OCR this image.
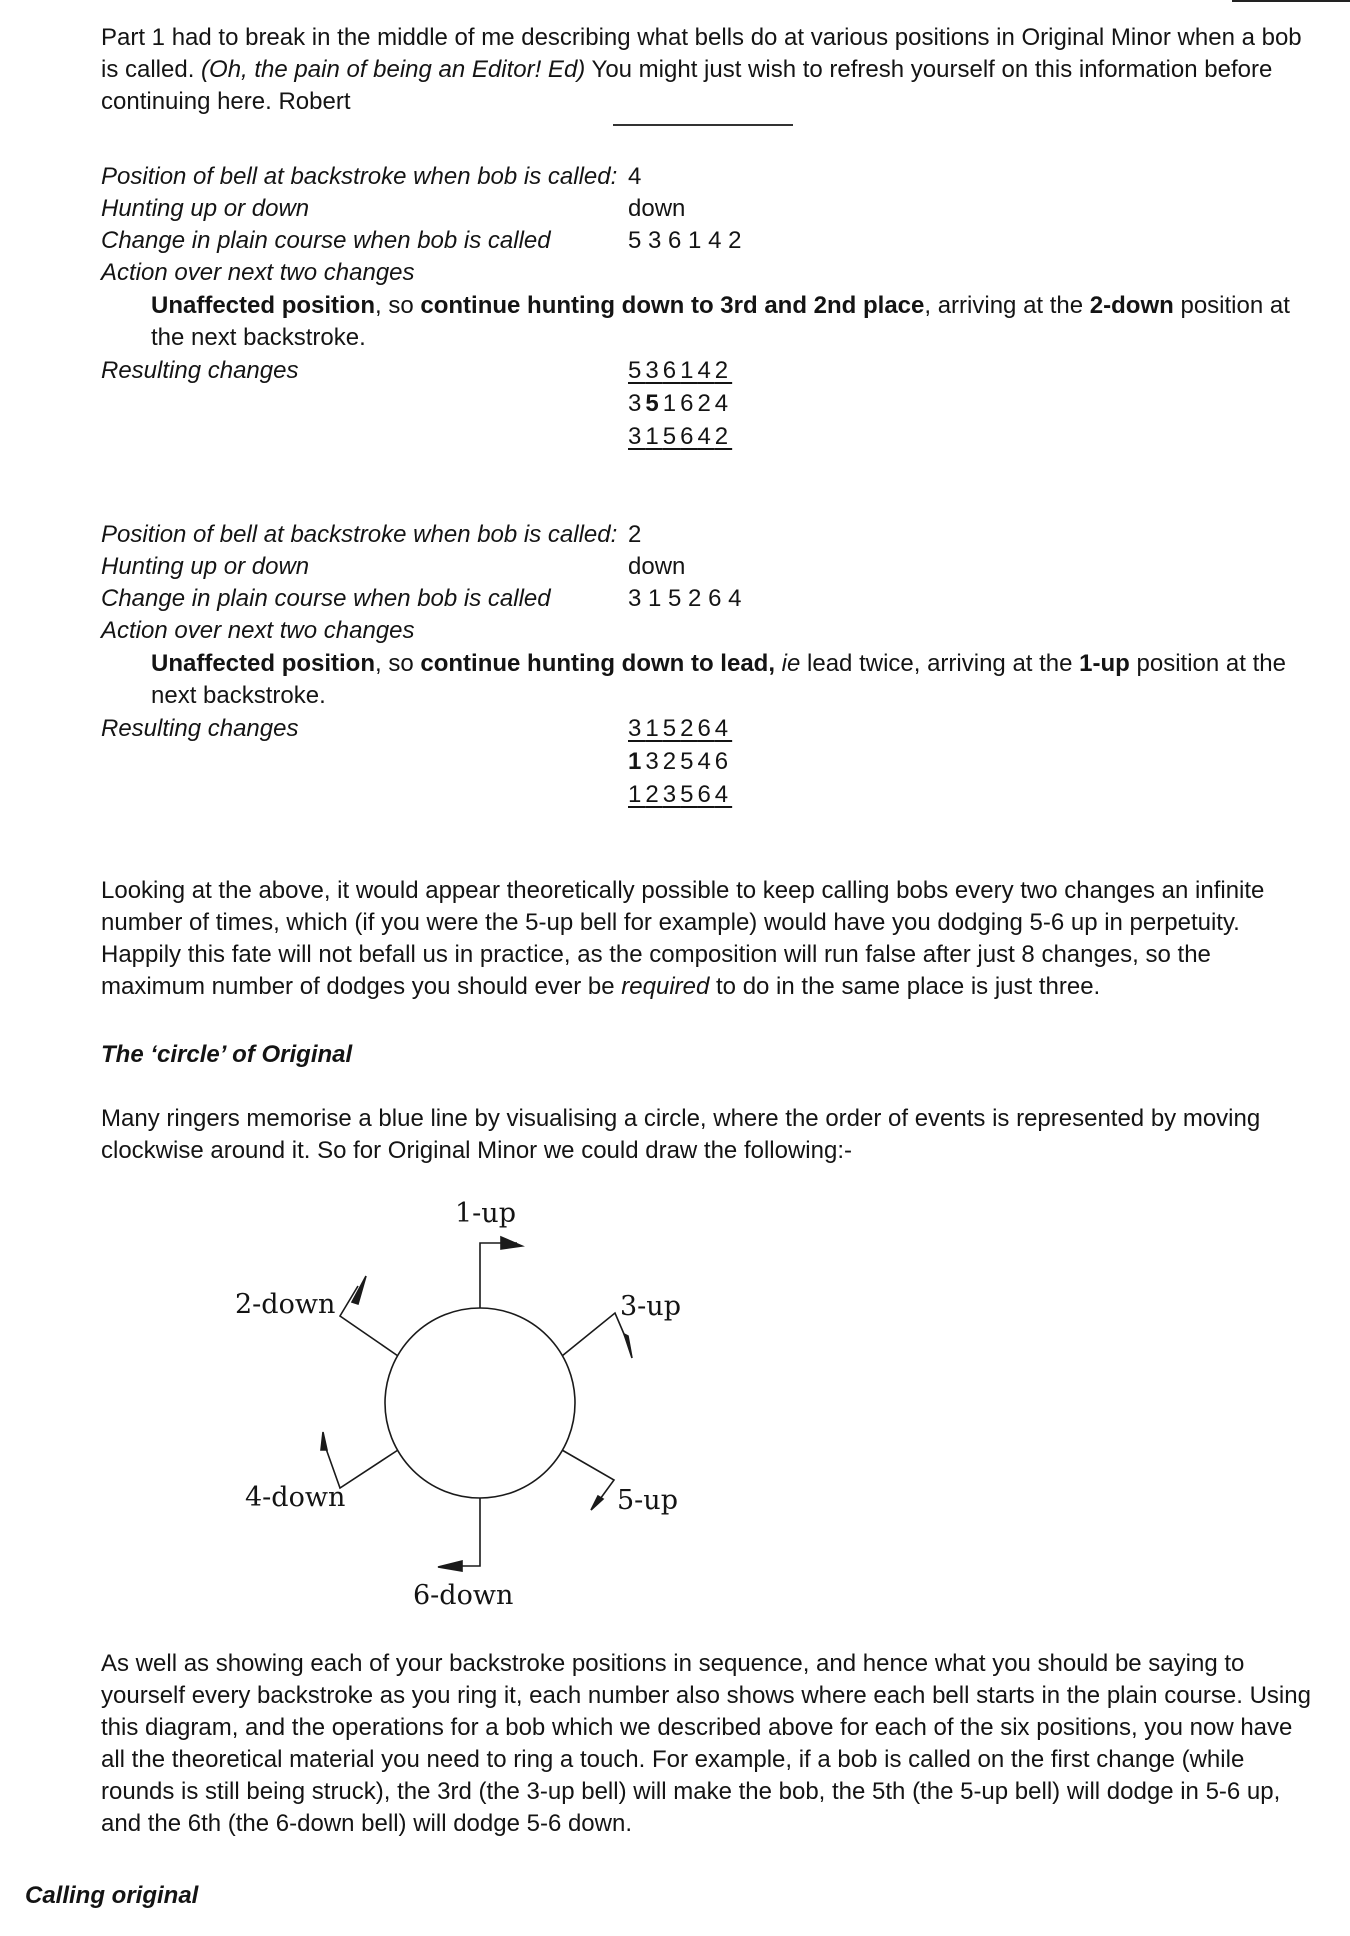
Part 1 had to break in the middle of me describing what bells do at various positions in Original Minor when a bob is called. (Oh, the pain of being an Editor! Ed) You might just wish to refresh yourself on this information before continuing here. Robert
Position of bell at backstroke when bob is called: 4
Hunting up or down	down
Change in plain course when bob is called	5 3 6 1 4 2
Action over next two changes
Unaffected position, so continue hunting down to 3rd and 2nd place, arriving at the 2-down position at the next backstroke.
Resulting changes	536142
351624
315642
Position of bell at backstroke when bob is called: 2
Hunting up or down	down
Change in plain course when bob is called	3 1 5 2 6 4
Action over next two changes
Unaffected position, so continue hunting down to lead, ie lead twice, arriving at the 1-up position at the next backstroke.
Resulting changes	315264
132546
123564
Looking at the above, it would appear theoretically possible to keep calling bobs every two changes an infinite number of times, which (if you were the 5-up bell for example) would have you dodging 5-6 up in perpetuity. Happily this fate will not befall us in practice, as the composition will run false after just 8 changes, so the maximum number of dodges you should ever be required to do in the same place is just three.
The ‘circle’ of Original
Many ringers memorise a blue line by visualising a circle, where the order of events is represented by moving clockwise around it. So for Original Minor we could draw the following:-
1-up
3-up
5-up
6-down
4-down
2-down
As well as showing each of your backstroke positions in sequence, and hence what you should be saying to yourself every backstroke as you ring it, each number also shows where each bell starts in the plain course. Using this diagram, and the operations for a bob which we described above for each of the six positions, you now have all the theoretical material you need to ring a touch. For example, if a bob is called on the first change (while rounds is still being struck), the 3rd (the 3-up bell) will make the bob, the 5th (the 5-up bell) will dodge in 5-6 up, and the 6th (the 6-down bell) will dodge 5-6 down.
Calling original
